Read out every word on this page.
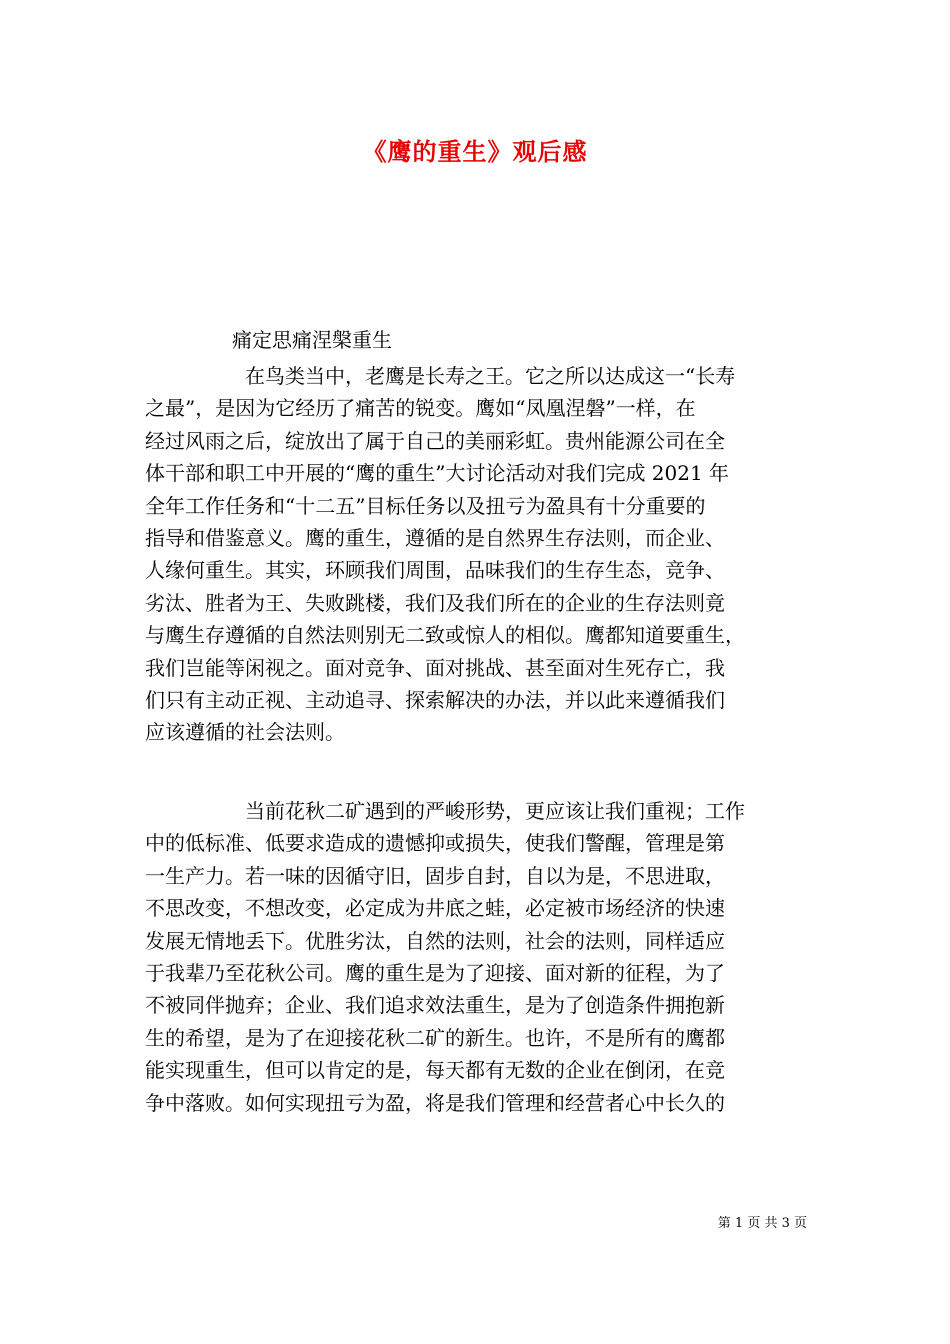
《鹰的重生》观后感
痛定思痛涅槃重生
在鸟类当中，老鹰是长寿之王。它之所以达成这一“长寿
之最”，是因为它经历了痛苦的锐变。鹰如“凤凰涅磐”一样，在
经过风雨之后，绽放出了属于自己的美丽彩虹。贵州能源公司在全
体干部和职工中开展的“鹰的重生”大讨论活动对我们完成 2021 年
全年工作任务和“十二五”目标任务以及扭亏为盈具有十分重要的
指导和借鉴意义。鹰的重生，遵循的是自然界生存法则，而企业、
人缘何重生。其实，环顾我们周围，品味我们的生存生态，竞争、
劣汰、胜者为王、失败跳楼，我们及我们所在的企业的生存法则竟
与鹰生存遵循的自然法则别无二致或惊人的相似。鹰都知道要重生，
我们岂能等闲视之。面对竞争、面对挑战、甚至面对生死存亡，我
们只有主动正视、主动追寻、探索解决的办法，并以此来遵循我们
应该遵循的社会法则。
当前花秋二矿遇到的严峻形势，更应该让我们重视；工作
中的低标准、低要求造成的遗憾抑或损失，使我们警醒，管理是第
一生产力。若一味的因循守旧，固步自封，自以为是，不思进取，
不思改变，不想改变，必定成为井底之蛙，必定被市场经济的快速
发展无情地丢下。优胜劣汰，自然的法则，社会的法则，同样适应
于我辈乃至花秋公司。鹰的重生是为了迎接、面对新的征程，为了
不被同伴抛弃；企业、我们追求效法重生，是为了创造条件拥抱新
生的希望，是为了在迎接花秋二矿的新生。也许，不是所有的鹰都
能实现重生，但可以肯定的是，每天都有无数的企业在倒闭，在竞
争中落败。如何实现扭亏为盈，将是我们管理和经营者心中长久的
第 1 页 共 3 页
